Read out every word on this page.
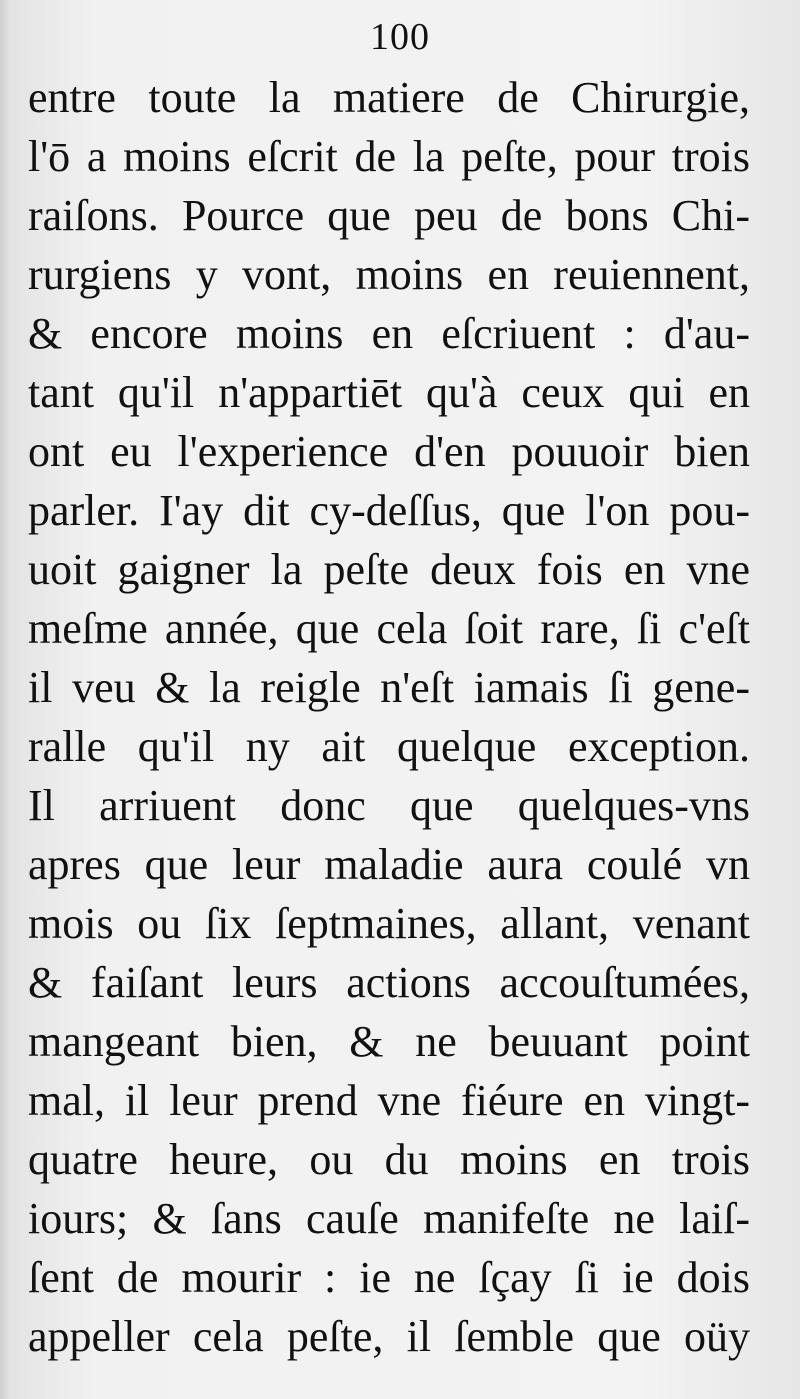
100
entre toute la matiere de Chirurgie,
l'ō a moins eſcrit de la peſte, pour trois
raiſons. Pource que peu de bons Chi-
rurgiens y vont, moins en reuiennent,
& encore moins en eſcriuent : d'au-
tant qu'il n'appartiēt qu'à ceux qui en
ont eu l'experience d'en pouuoir bien
parler. I'ay dit cy-deſſus, que l'on pou-
uoit gaigner la peſte deux fois en vne
meſme année, que cela ſoit rare, ſi c'eſt
il veu & la reigle n'eſt iamais ſi gene-
ralle qu'il ny ait quelque exception.
Il arriuent donc que quelques-vns
apres que leur maladie aura coulé vn
mois ou ſix ſeptmaines, allant, venant
& faiſant leurs actions accouſtumées,
mangeant bien, & ne beuuant point
mal, il leur prend vne fiéure en vingt-
quatre heure, ou du moins en trois
iours; & ſans cauſe manifeſte ne laiſ-
ſent de mourir : ie ne ſçay ſi ie dois
appeller cela peſte, il ſemble que oüy
